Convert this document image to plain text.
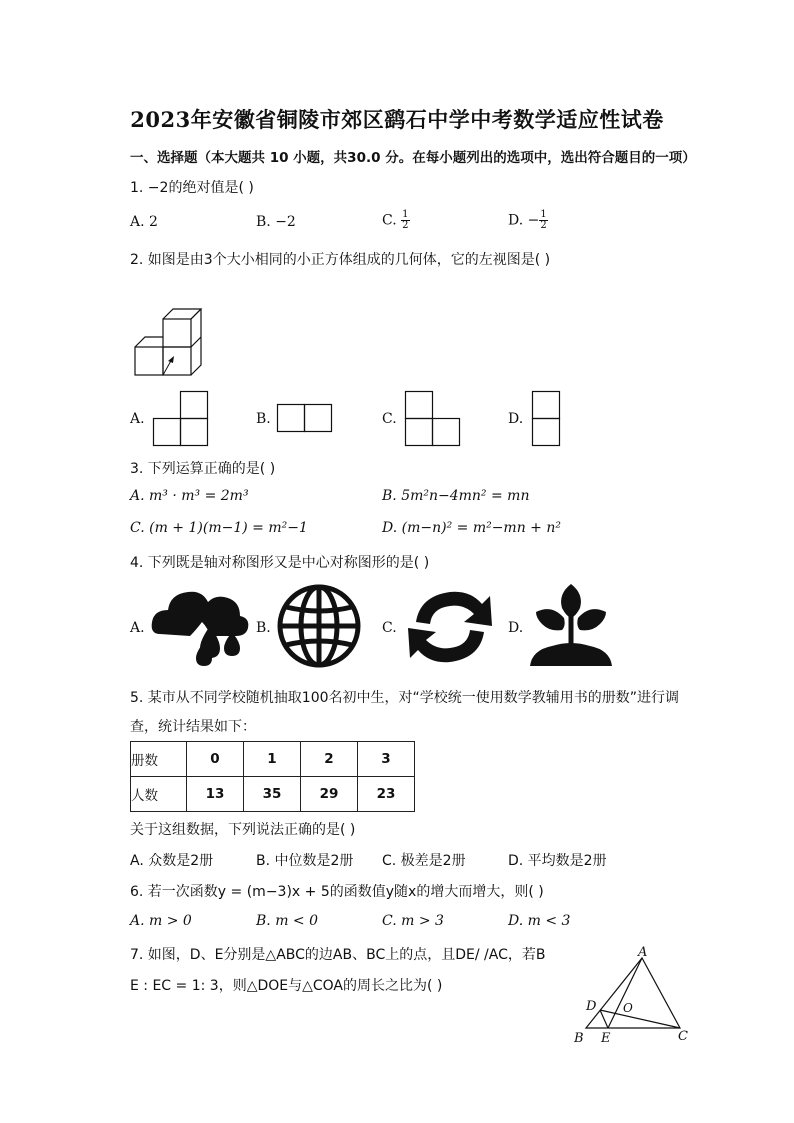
2023年安徽省铜陵市郊区鹞石中学中考数学适应性试卷
一、选择题（本大题共 10 小题，共30.0 分。在每小题列出的选项中，选出符合题目的一项）
1. −2的绝对值是( )
A. 2	B. −2	C. $\frac{1}{2}$	D. − $\frac{1}{2}$
2. 如图是由3个大小相同的小正方体组成的几何体，它的左视图是( )
A.	B.	C.	D.
3. 下列运算正确的是( )
A. m³ · m³ = 2m³	B. 5m²n−4mn² = mn
C. (m + 1)(m−1) = m²−1	D. (m−n)² = m²−mn + n²
4. 下列既是轴对称图形又是中心对称图形的是( )
A.	B.	C.	D.
5. 某市从不同学校随机抽取100名初中生，对“学校统一使用数学教辅用书的册数”进行调
查，统计结果如下：
册数	0	1	2	3
人数	13	35	29	23
关于这组数据，下列说法正确的是( )
A. 众数是2册	B. 中位数是2册 C. 极差是2册	D. 平均数是2册
6. 若一次函数y = (m−3)x + 5的函数值y随x的增大而增大，则( )
A. m > 0	B. m < 0	C. m > 3	D. m < 3
7. 如图，D、E分别是△ABC的边AB、BC上的点，且DE/ /AC，若B
E : EC = 1: 3，则△DOE与△COA的周长之比为( )
A
B	C
D
E
O
